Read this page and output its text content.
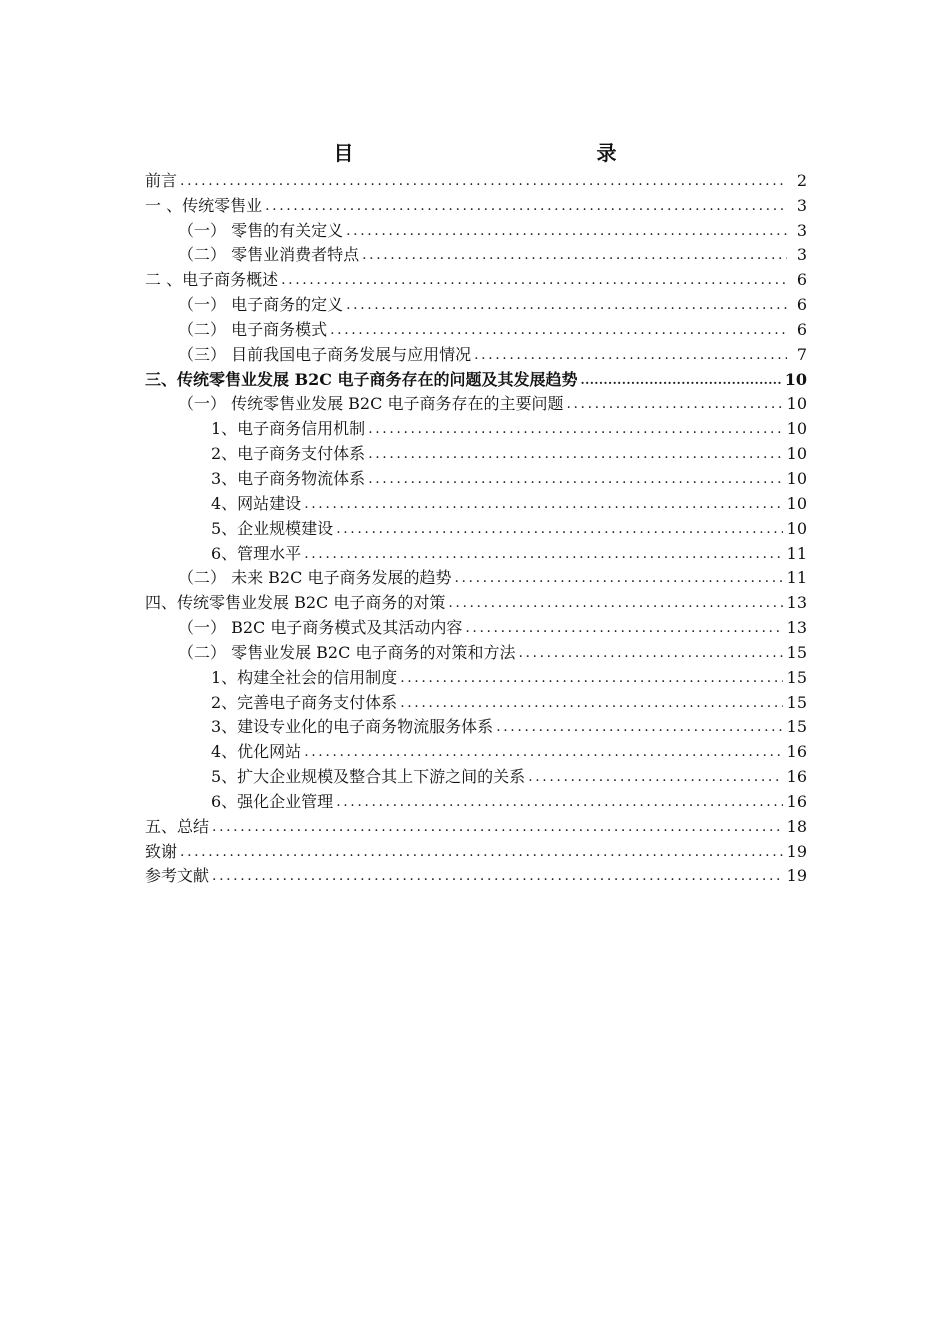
目 录
前言 .....	2
一 、传统零售业 .....	3
（一） 零售的有关定义 .....	3
（二） 零售业消费者特点 .....	3
二 、电子商务概述 .....	6
（一） 电子商务的定义 .....	6
（二） 电子商务模式 .....	6
（三） 目前我国电子商务发展与应用情况 .....	7
三、传统零售业发展 B2C 电子商务存在的问题及其发展趋势 .....	10
（一） 传统零售业发展 B2C 电子商务存在的主要问题 .....	10
1、电子商务信用机制 .....	10
2、电子商务支付体系 .....	10
3、电子商务物流体系 .....	10
4、网站建设 .....	10
5、企业规模建设 .....	10
6、管理水平 .....	11
（二） 未来 B2C 电子商务发展的趋势 .....	11
四、传统零售业发展 B2C 电子商务的对策 .....	13
（一） B2C 电子商务模式及其活动内容 .....	13
（二） 零售业发展 B2C 电子商务的对策和方法 .....	15
1、构建全社会的信用制度 .....	15
2、完善电子商务支付体系 .....	15
3、建设专业化的电子商务物流服务体系 .....	15
4、优化网站 .....	16
5、扩大企业规模及整合其上下游之间的关系 .....	16
6、强化企业管理 .....	16
五、总结 .....	18
致谢 .....	19
参考文献 .....	19
